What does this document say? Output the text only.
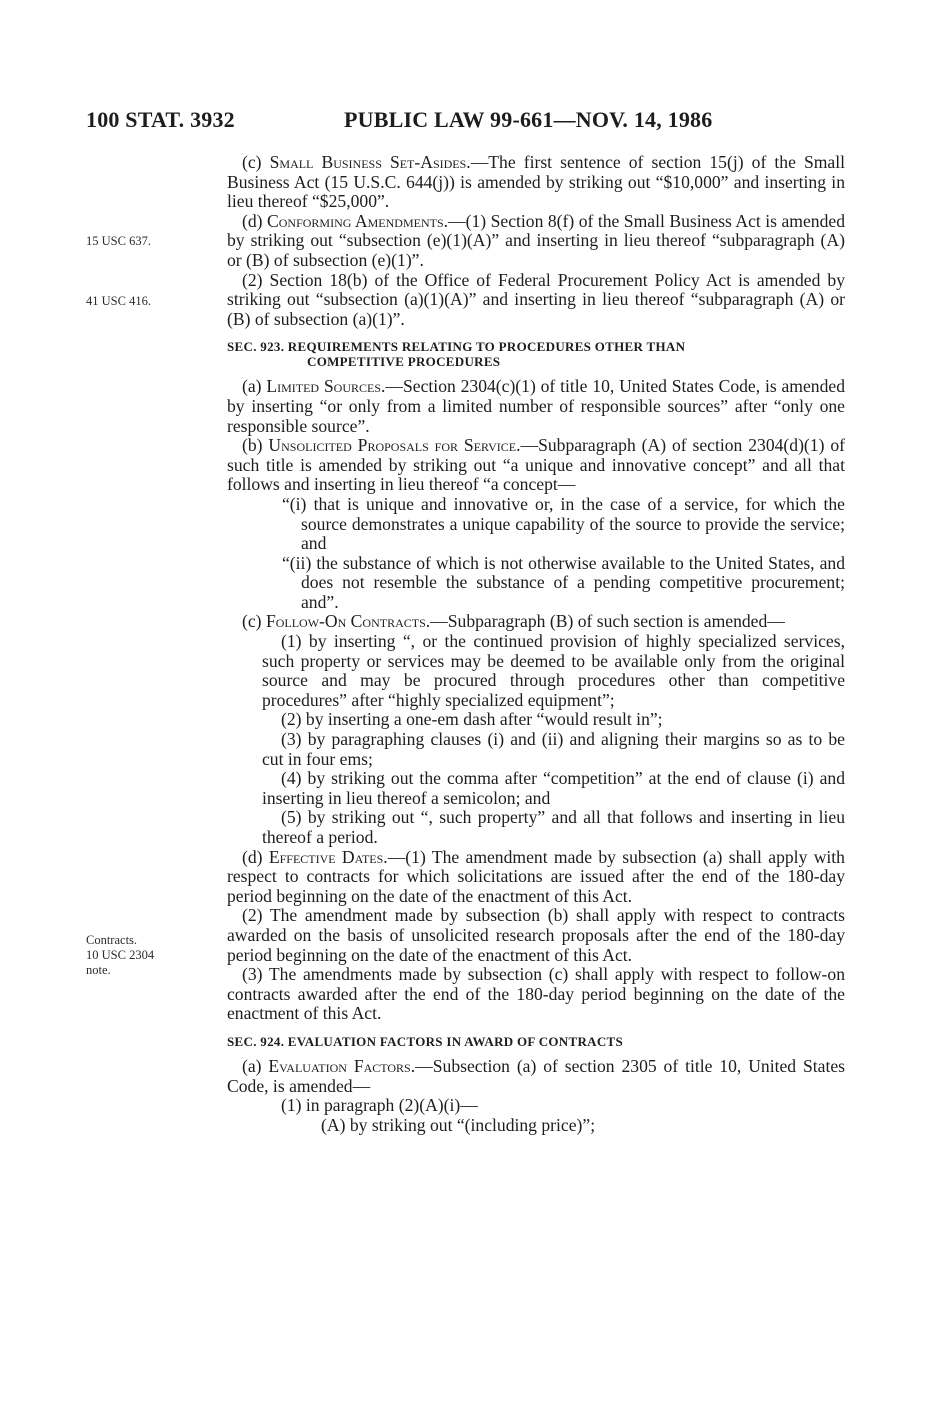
100 STAT. 3932	PUBLIC LAW 99-661—NOV. 14, 1986
15 USC 637.
41 USC 416.
Contracts.
10 USC 2304
note.

(c) Small Business Set-Asides.—The first sentence of section 15(j) of the Small Business Act (15 U.S.C. 644(j)) is amended by striking out “$10,000” and inserting in lieu thereof “$25,000”.

(d) Conforming Amendments.—(1) Section 8(f) of the Small Business Act is amended by striking out “subsection (e)(1)(A)” and inserting in lieu thereof “subparagraph (A) or (B) of subsection (e)(1)”.

(2) Section 18(b) of the Office of Federal Procurement Policy Act is amended by striking out “subsection (a)(1)(A)” and inserting in lieu thereof “subparagraph (A) or (B) of subsection (a)(1)”.

SEC. 923. REQUIREMENTS RELATING TO PROCEDURES OTHER THAN
COMPETITIVE PROCEDURES

(a) Limited Sources.—Section 2304(c)(1) of title 10, United States Code, is amended by inserting “or only from a limited number of responsible sources” after “only one responsible source”.

(b) Unsolicited Proposals for Service.—Subparagraph (A) of section 2304(d)(1) of such title is amended by striking out “a unique and innovative concept” and all that follows and inserting in lieu thereof “a concept—

“(i) that is unique and innovative or, in the case of a service, for which the source demonstrates a unique capability of the source to provide the service; and

“(ii) the substance of which is not otherwise available to the United States, and does not resemble the substance of a pending competitive procurement; and”.

(c) Follow-On Contracts.—Subparagraph (B) of such section is amended—

(1) by inserting “, or the continued provision of highly specialized services, such property or services may be deemed to be available only from the original source and may be procured through procedures other than competitive procedures” after “highly specialized equipment”;

(2) by inserting a one-em dash after “would result in”;

(3) by paragraphing clauses (i) and (ii) and aligning their margins so as to be cut in four ems;

(4) by striking out the comma after “competition” at the end of clause (i) and inserting in lieu thereof a semicolon; and

(5) by striking out “, such property” and all that follows and inserting in lieu thereof a period.

(d) Effective Dates.—(1) The amendment made by subsection (a) shall apply with respect to contracts for which solicitations are issued after the end of the 180-day period beginning on the date of the enactment of this Act.

(2) The amendment made by subsection (b) shall apply with respect to contracts awarded on the basis of unsolicited research proposals after the end of the 180-day period beginning on the date of the enactment of this Act.

(3) The amendments made by subsection (c) shall apply with respect to follow-on contracts awarded after the end of the 180-day period beginning on the date of the enactment of this Act.

SEC. 924. EVALUATION FACTORS IN AWARD OF CONTRACTS

(a) Evaluation Factors.—Subsection (a) of section 2305 of title 10, United States Code, is amended—

(1) in paragraph (2)(A)(i)—

(A) by striking out “(including price)”;
